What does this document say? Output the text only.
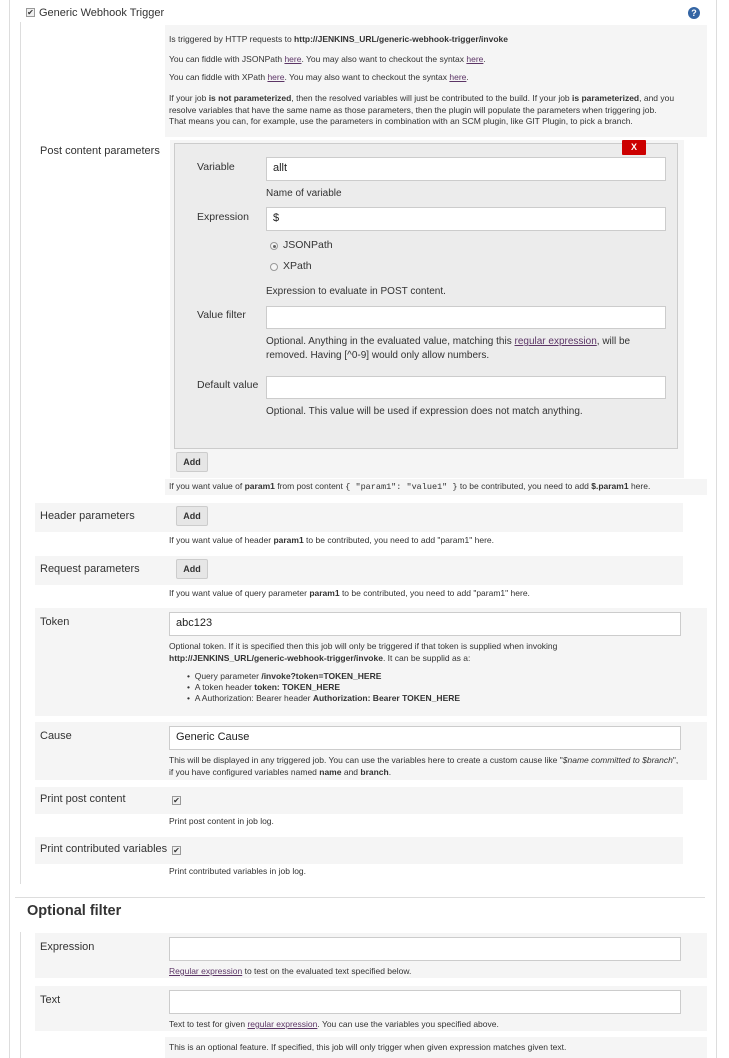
✔ Generic Webhook Trigger	?
Is triggered by HTTP requests to http://JENKINS_URL/generic-webhook-trigger/invoke
You can fiddle with JSONPath here. You may also want to checkout the syntax here.
You can fiddle with XPath here. You may also want to checkout the syntax here.
If your job is not parameterized, then the resolved variables will just be contributed to the build. If your job is parameterized, and you resolve variables that have the same name as those parameters, then the plugin will populate the parameters when triggering job. That means you can, for example, use the parameters in combination with an SCM plugin, like GIT Plugin, to pick a branch.
Post content parameters	X
Variable	allt
Name of variable
Expression	$
JSONPath
XPath
Expression to evaluate in POST content.
Value filter
Optional. Anything in the evaluated value, matching this regular expression, will be removed. Having [^0-9] would only allow numbers.
Default value
Optional. This value will be used if expression does not match anything.
Add
If you want value of param1 from post content { "param1": "value1" } to be contributed, you need to add $.param1 here.
Header parameters	Add
If you want value of header param1 to be contributed, you need to add "param1" here.
Request parameters	Add
If you want value of query parameter param1 to be contributed, you need to add "param1" here.
Token	abc123
Optional token. If it is specified then this job will only be triggered if that token is supplied when invoking
http://JENKINS_URL/generic-webhook-trigger/invoke. It can be supplid as a:
•  Query parameter /invoke?token=TOKEN_HERE
•  A token header token: TOKEN_HERE
•  A Authorization: Bearer header Authorization: Bearer TOKEN_HERE
Cause	Generic Cause
This will be displayed in any triggered job. You can use the variables here to create a custom cause like "$name committed to $branch", if you have configured variables named name and branch.
Print post content	✔
Print post content in job log.
Print contributed variables ✔
Print contributed variables in job log.
Optional filter
Expression
Regular expression to test on the evaluated text specified below.
Text
Text to test for given regular expression. You can use the variables you specified above.
This is an optional feature. If specified, this job will only trigger when given expression matches given text.
